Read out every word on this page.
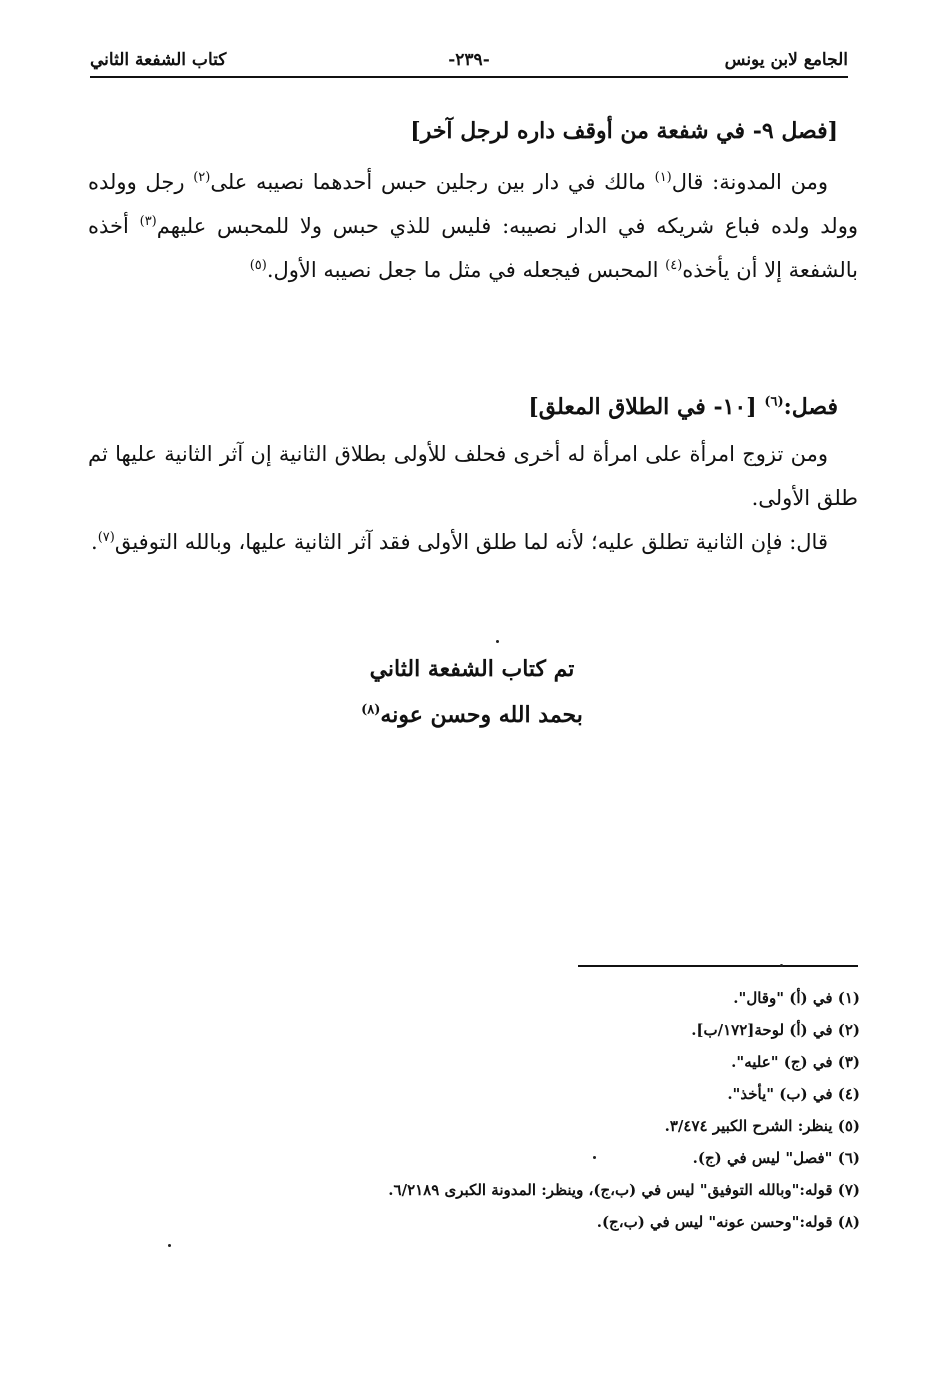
الجامع لابن يونس
-٢٣٩-
كتاب الشفعة الثاني
[فصل ٩- في شفعة من أوقف داره لرجل آخر]
ومن المدونة: قال$^{(١)}$ مالك في دار بين رجلين حبس أحدهما نصيبه على$^{(٢)}$ رجل وولده وولد ولده فباع شريكه في الدار نصيبه: فليس للذي حبس ولا للمحبس عليهم$^{(٣)}$ أخذه بالشفعة إلا أن يأخذه$^{(٤)}$ المحبس فيجعله في مثل ما جعل نصيبه الأول.$^{(٥)}$
فصل:$^{(٦)}$ [١٠- في الطلاق المعلق]
ومن تزوج امرأة على امرأة له أخرى فحلف للأولى بطلاق الثانية إن آثر الثانية عليها ثم طلق الأولى.
قال: فإن الثانية تطلق عليه؛ لأنه لما طلق الأولى فقد آثر الثانية عليها، وبالله التوفيق$^{(٧)}$.
تم كتاب الشفعة الثاني
بحمد الله وحسن عونه$^{(٨)}$
(١) في (أ) "وقال".
(٢) في (أ) لوحة[١٧٢/ب].
(٣) في (ج) "عليه".
(٤) في (ب) "يأخذ".
(٥) ينظر: الشرح الكبير ٣/٤٧٤.
(٦) "فصل" ليس في (ج).
(٧) قوله:"وبالله التوفيق" ليس في (ب،ج)، وينظر: المدونة الكبرى ٦/٢١٨٩.
(٨) قوله:"وحسن عونه" ليس في (ب،ج).
